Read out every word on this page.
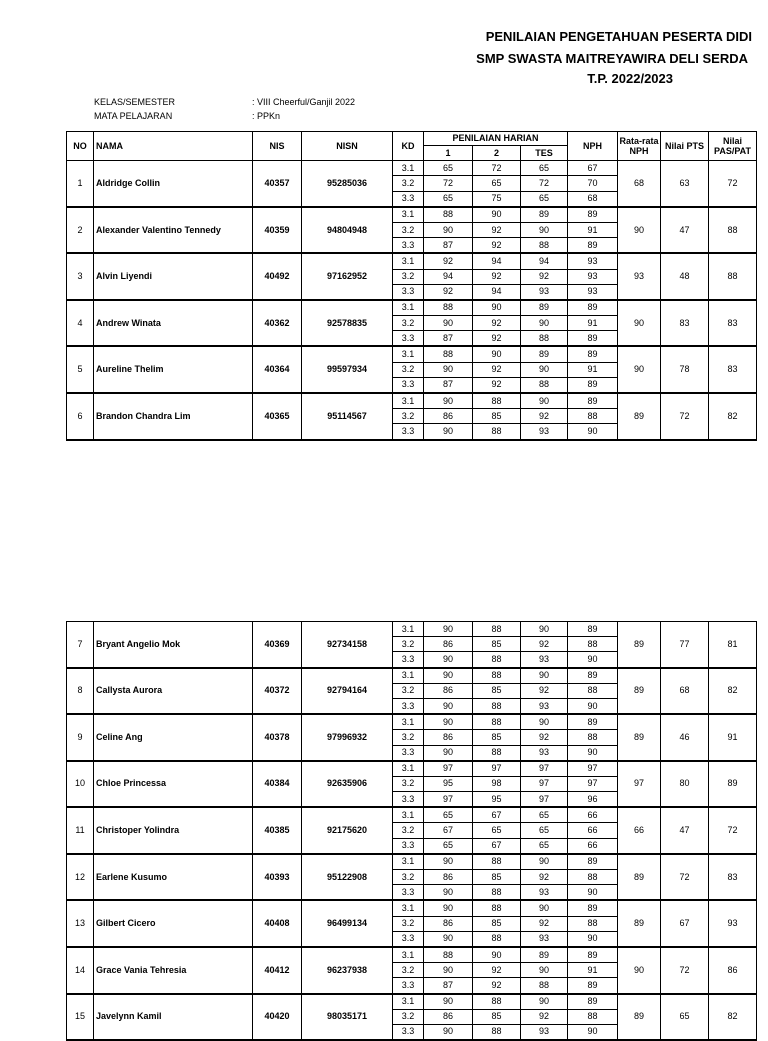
PENILAIAN PENGETAHUAN PESERTA DIDI
SMP SWASTA MAITREYAWIRA DELI SERDA
T.P. 2022/2023
KELAS/SEMESTER	: VIII Cheerful/Ganjil 2022
MATA PELAJARAN	: PPKn
NO	NAMA	NIS	NISN	KD	PENILAIAN HARIAN			NPH	Rata-rata NPH	Nilai PTS	Nilai PAS/PAT
					1	2	TES				
1	Aldridge Collin	40357	95285036	3.1	65	72	65	67	68	63	72
				3.2	72	65	72	70			
				3.3	65	75	65	68			
2	Alexander Valentino Tennedy	40359	94804948	3.1	88	90	89	89	90	47	88
				3.2	90	92	90	91			
				3.3	87	92	88	89			
3	Alvin Liyendi	40492	97162952	3.1	92	94	94	93	93	48	88
				3.2	94	92	92	93			
				3.3	92	94	93	93			
4	Andrew Winata	40362	92578835	3.1	88	90	89	89	90	83	83
				3.2	90	92	90	91			
				3.3	87	92	88	89			
5	Aureline Thelim	40364	99597934	3.1	88	90	89	89	90	78	83
				3.2	90	92	90	91			
				3.3	87	92	88	89			
6	Brandon Chandra Lim	40365	95114567	3.1	90	88	90	89	89	72	82
				3.2	86	85	92	88			
				3.3	90	88	93	90			
7	Bryant Angelio Mok	40369	92734158	3.1	90	88	90	89	89	77	81
				3.2	86	85	92	88			
				3.3	90	88	93	90			
8	Callysta Aurora	40372	92794164	3.1	90	88	90	89	89	68	82
				3.2	86	85	92	88			
				3.3	90	88	93	90			
9	Celine Ang	40378	97996932	3.1	90	88	90	89	89	46	91
				3.2	86	85	92	88			
				3.3	90	88	93	90			
10	Chloe Princessa	40384	92635906	3.1	97	97	97	97	97	80	89
				3.2	95	98	97	97			
				3.3	97	95	97	96			
11	Christoper Yolindra	40385	92175620	3.1	65	67	65	66	66	47	72
				3.2	67	65	65	66			
				3.3	65	67	65	66			
12	Earlene Kusumo	40393	95122908	3.1	90	88	90	89	89	72	83
				3.2	86	85	92	88			
				3.3	90	88	93	90			
13	Gilbert Cicero	40408	96499134	3.1	90	88	90	89	89	67	93
				3.2	86	85	92	88			
				3.3	90	88	93	90			
14	Grace Vania Tehresia	40412	96237938	3.1	88	90	89	89	90	72	86
				3.2	90	92	90	91			
				3.3	87	92	88	89			
15	Javelynn Kamil	40420	98035171	3.1	90	88	90	89	89	65	82
				3.2	86	85	92	88			
				3.3	90	88	93	90			
